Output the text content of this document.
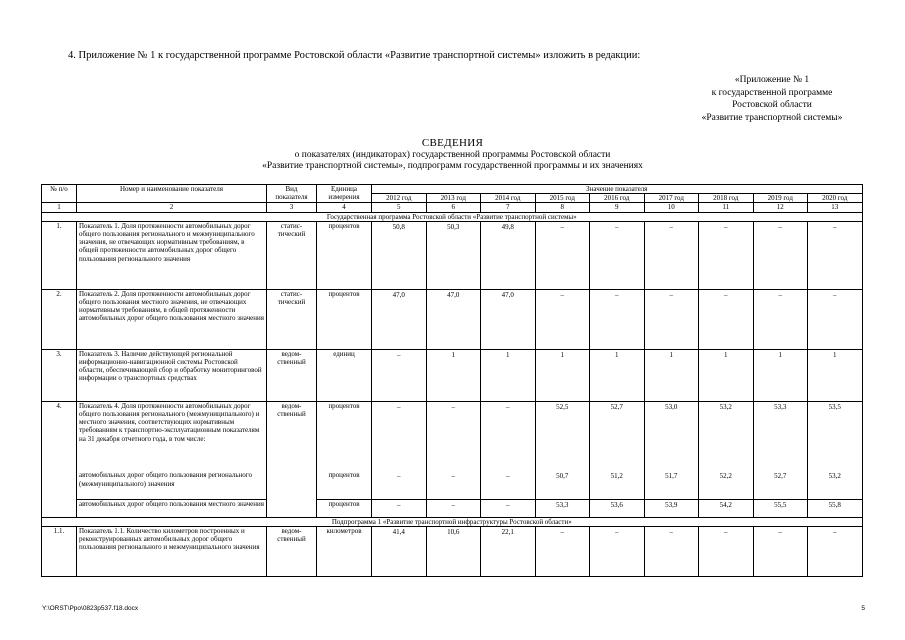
4. Приложение № 1 к государственной программе Ростовской области «Развитие транспортной системы» изложить в редакции:
«Приложение № 1
к государственной программе
Ростовской области
«Развитие транспортной системы»
СВЕДЕНИЯ
о показателях (индикаторах) государственной программы Ростовской области
«Развитие транспортной системы», подпрограмм государственной программы и их значениях
№ п/о	Номер и наименование показателя	Вид показателя	Единица измерения	Значение показателя								
				2012 год	2013 год	2014 год	2015 год	2016 год	2017 год	2018 год	2019 год	2020 год
1	2	3	4	5	6	7	8	9	10	11	12	13
Государственная программа Ростовской области «Развитие транспортной системы»												
1.	Показатель 1. Доля протяженности автомобильных дорог общего пользования регионального и межмуниципального значения, не отвечающих нормативным требованиям, в общей протяженности автомобильных дорог общего пользования регионального значения	статистический	процентов	50,8	50,3	49,8	–	–	–	–	–	–
2.	Показатель 2. Доля протяженности автомобильных дорог общего пользования местного значения, не отвечающих нормативным требованиям, в общей протяженности автомобильных дорог общего пользования местного значения	статистический	процентов	47,0	47,0	47,0	–	–	–	–	–	–
3.	Показатель 3. Наличие действующей региональной информационно-навигационной системы Ростовской области, обеспечивающей сбор и обработку мониторинговой информации о транспортных средствах	ведомственный	единиц	–	1	1	1	1	1	1	1	1
4.	Показатель 4. Доля протяженности автомобильных дорог общего пользования регионального (межмуниципального) и местного значения, соответствующих нормативным требованиям к транспортно-эксплуатационным показателям на 31 декабря отчетного года, в том числе:	ведомственный	процентов	–	–	–	52,5	52,7	53,0	53,2	53,3	53,5
	автомобильных дорог общего пользования регионального (межмуниципального) значения		процентов	–	–	–	50,7	51,2	51,7	52,2	52,7	53,2
	автомобильных дорог общего пользования местного значения		процентов	–	–	–	53,3	53,6	53,9	54,2	55,5	55,8
Подпрограмма 1 «Развитие транспортной инфраструктуры Ростовской области»												
1.1.	Показатель 1.1. Количество километров построенных и реконструированных автомобильных дорог общего пользования регионального и межмуниципального значения	ведомственный	километров	41,4	10,6	22,1	–	–	–	–	–	–
Y:\ORST\Ppo\0823p537.f18.docx	5
